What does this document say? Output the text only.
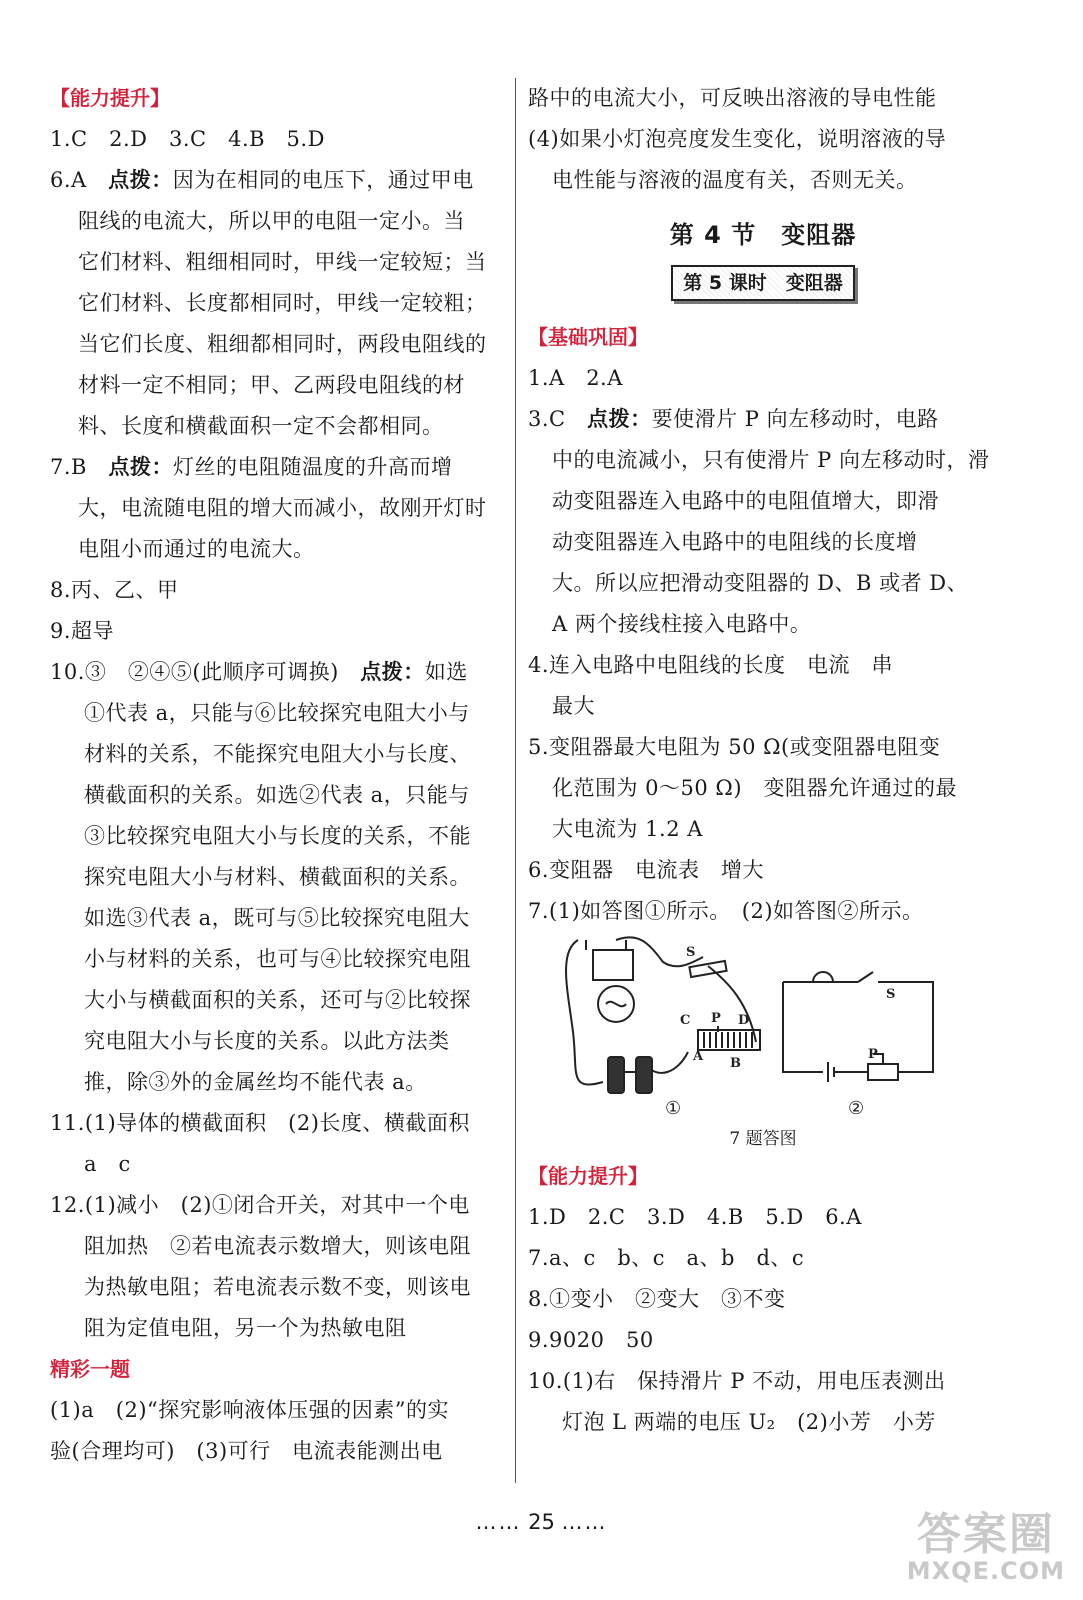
【能力提升】
1.C　2.D　3.C　4.B　5.D
6.A　点拨：因为在相同的电压下，通过甲电
阻线的电流大，所以甲的电阻一定小。当
它们材料、粗细相同时，甲线一定较短；当
它们材料、长度都相同时，甲线一定较粗；
当它们长度、粗细都相同时，两段电阻线的
材料一定不相同；甲、乙两段电阻线的材
料、长度和横截面积一定不会都相同。
7.B　点拨：灯丝的电阻随温度的升高而增
大，电流随电阻的增大而减小，故刚开灯时
电阻小而通过的电流大。
8.丙、乙、甲
9.超导
10.③　②④⑤(此顺序可调换)　点拨：如选
①代表 a，只能与⑥比较探究电阻大小与
材料的关系，不能探究电阻大小与长度、
横截面积的关系。如选②代表 a，只能与
③比较探究电阻大小与长度的关系，不能
探究电阻大小与材料、横截面积的关系。
如选③代表 a，既可与⑤比较探究电阻大
小与材料的关系，也可与④比较探究电阻
大小与横截面积的关系，还可与②比较探
究电阻大小与长度的关系。以此方法类
推，除③外的金属丝均不能代表 a。
11.(1)导体的横截面积　(2)长度、横截面积
a　c
12.(1)减小　(2)①闭合开关，对其中一个电
阻加热　②若电流表示数增大，则该电阻
为热敏电阻；若电流表示数不变，则该电
阻为定值电阻，另一个为热敏电阻
精彩一题
(1)a　(2)“探究影响液体压强的因素”的实
验(合理均可)　(3)可行　电流表能测出电
路中的电流大小，可反映出溶液的导电性能
(4)如果小灯泡亮度发生变化，说明溶液的导
电性能与溶液的温度有关，否则无关。
第 4 节　变阻器
第 5 课时　变阻器
【基础巩固】
1.A　2.A
3.C　点拨：要使滑片 P 向左移动时，电路
中的电流减小，只有使滑片 P 向左移动时，滑
动变阻器连入电路中的电阻值增大，即滑
动变阻器连入电路中的电阻线的长度增
大。所以应把滑动变阻器的 D、B 或者 D、
A 两个接线柱接入电路中。
4.连入电路中电阻线的长度　电流　串
最大
5.变阻器最大电阻为 50 Ω(或变阻器电阻变
化范围为 0～50 Ω)　变阻器允许通过的最
大电流为 1.2 A
6.变阻器　电流表　增大
7.(1)如答图①所示。　(2)如答图②所示。
S
C P D
A B
S
P
①	②
7 题答图
【能力提升】
1.D　2.C　3.D　4.B　5.D　6.A
7.a、c　b、c　a、b　d、c
8.①变小　②变大　③不变
9.9020　50
10.(1)右　保持滑片 P 不动，用电压表测出
灯泡 L 两端的电压 U₂　(2)小芳　小芳
…… 25 ……	答案圈
MXQE.COM
